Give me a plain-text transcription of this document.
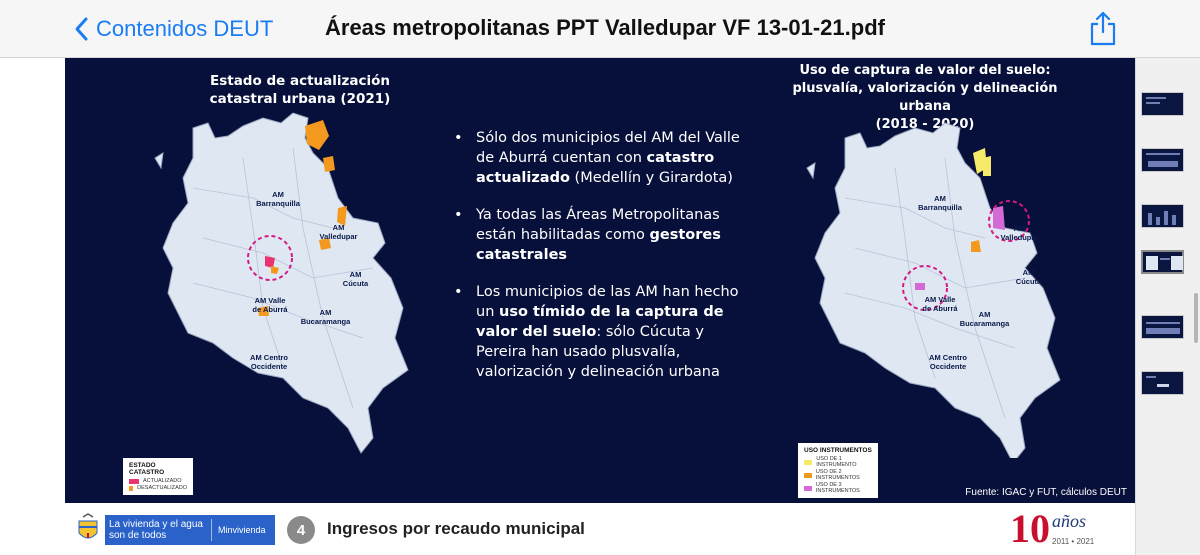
Contenidos DEUT Áreas metropolitanas PPT Valledupar VF 13-01-21.pdf
Estado de actualización catastral urbana (2021)
Uso de captura de valor del suelo:
plusvalía, valorización y delineación urbana
(2018 - 2020)
AM Barranquilla
AM Valledupar
AM Cúcuta
AM Valle de Aburrá	AM Bucaramanga
AM Centro Occidente
ESTADO CATASTRO
ACTUALIZADO
DESACTUALIZADO
• Sólo dos municipios del AM del Valle de Aburrá cuentan con catastro actualizado (Medellín y Girardota)
• Ya todas las Áreas Metropolitanas están habilitadas como gestores catastrales
• Los municipios de las AM han hecho un uso tímido de la captura de valor del suelo: sólo Cúcuta y Pereira han usado plusvalía, valorización y delineación urbana
AM Barranquilla
AM Valledupar
AM Cúcuta
AM Valle de Aburrá
AM Bucaramanga
AM Centro Occidente
USO INSTRUMENTOS
USO DE 1 INSTRUMENTO
USO DE 2 INSTRUMENTOS
USO DE 3 INSTRUMENTOS	Fuente: IGAC y FUT, cálculos DEUT
La vivienda y el agua son de todos	Minvivienda	4	Ingresos por recaudo municipal	10 años
2011 • 2021
